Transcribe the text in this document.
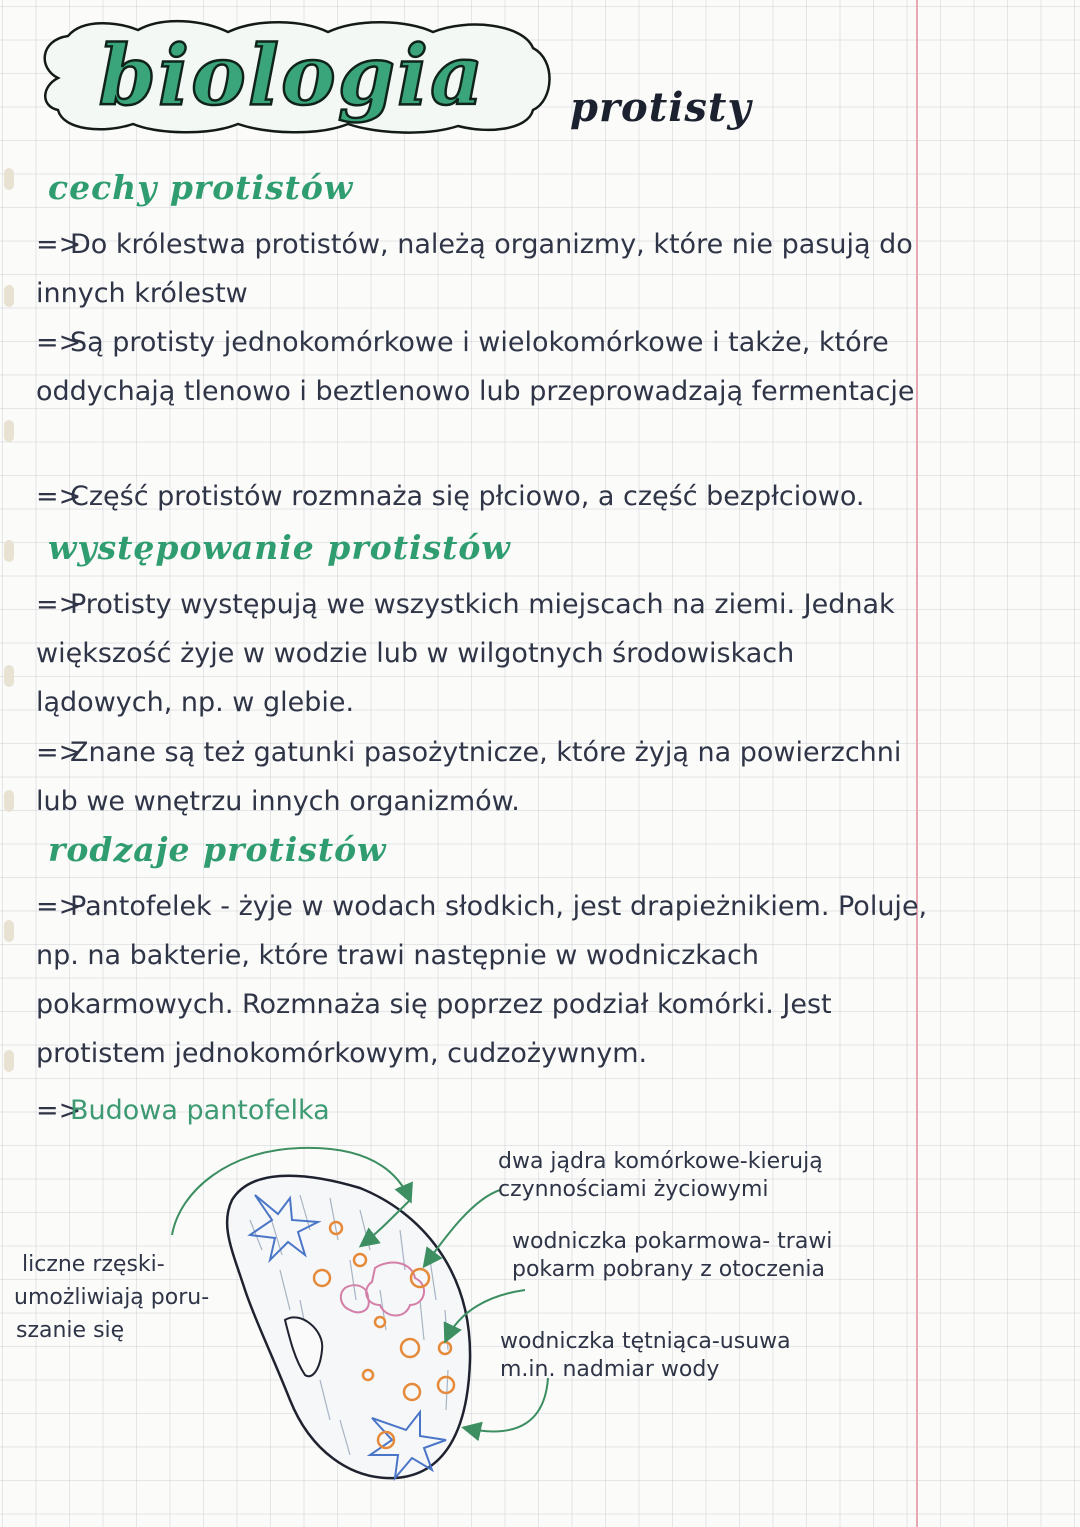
biologia	protisty
cechy protistów

=>Do królestwa protistów, należą organizmy, które nie pasują do innych królestw

=>Są protisty jednokomórkowe i wielokomórkowe i także, które oddychają tlenowo i beztlenowo lub przeprowadzają fermentacje

=>Część protistów rozmnaża się płciowo, a część bezpłciowo.

występowanie protistów

=>Protisty występują we wszystkich miejscach na ziemi. Jednak większość żyje w wodzie lub w wilgotnych środowiskach lądowych, np. w glebie.

=>Znane są też gatunki pasożytnicze, które żyją na powierzchni lub we wnętrzu innych organizmów.

rodzaje protistów

=>Pantofelek - żyje w wodach słodkich, jest drapieżnikiem. Poluje, np. na bakterie, które trawi następnie w wodniczkach pokarmowych. Rozmnaża się poprzez podział komórki. Jest protistem jednokomórkowym, cudzożywnym.

=>Budowa pantofelka

liczne rzęski-
umożliwiają poru-
szanie się
dwa jądra komórkowe-kierują
czynnościami życiowymi
wodniczka pokarmowa- trawi
pokarm pobrany z otoczenia
wodniczka tętniąca-usuwa
m.in. nadmiar wody
